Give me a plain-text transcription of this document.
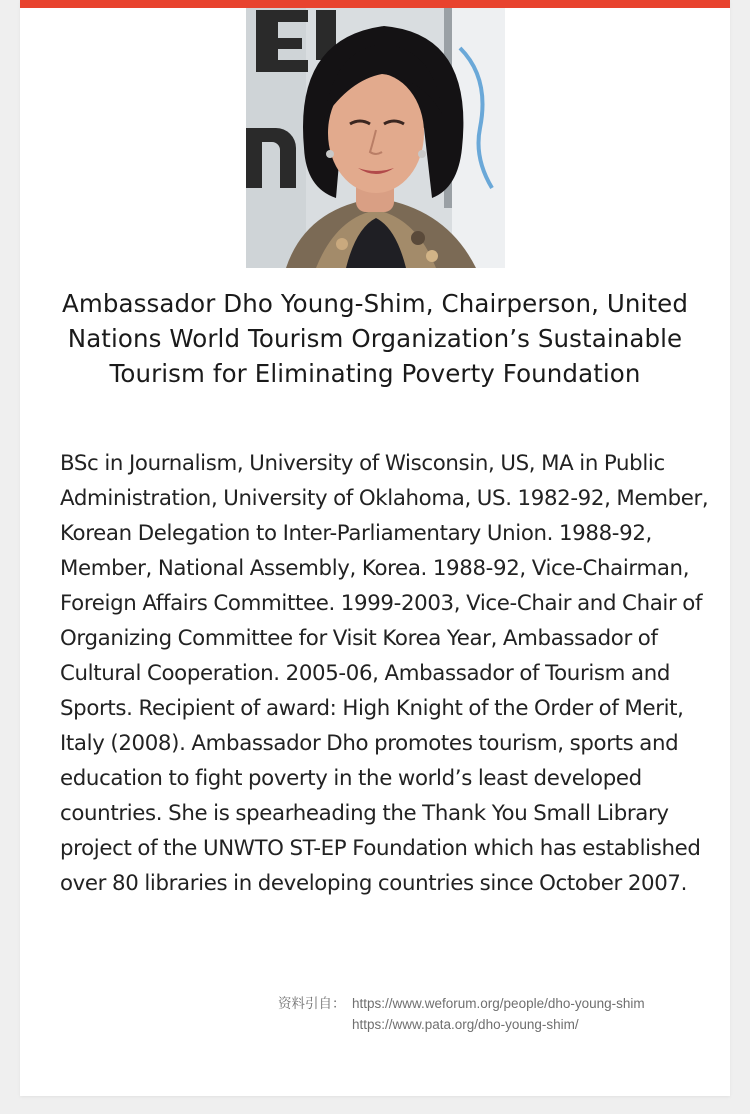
Ambassador Dho Young-Shim, Chairperson, United Nations World Tourism Organization’s Sustainable Tourism for Eliminating Poverty Foundation

BSc in Journalism, University of Wisconsin, US, MA in Public Administration, University of Oklahoma, US. 1982-92, Member, Korean Delegation to Inter-Parliamentary Union. 1988-92, Member, National Assembly, Korea. 1988-92, Vice-Chairman, Foreign Affairs Committee. 1999-2003, Vice-Chair and Chair of Organizing Committee for Visit Korea Year, Ambassador of Cultural Cooperation. 2005-06, Ambassador of Tourism and Sports. Recipient of award: High Knight of the Order of Merit, Italy (2008). Ambassador Dho promotes tourism, sports and education to fight poverty in the world’s least developed countries. She is spearheading the Thank You Small Library project of the UNWTO ST-EP Foundation which has established over 80 libraries in developing countries since October 2007.

资料引自： https://www.weforum.org/people/dho-young-shim
https://www.pata.org/dho-young-shim/
